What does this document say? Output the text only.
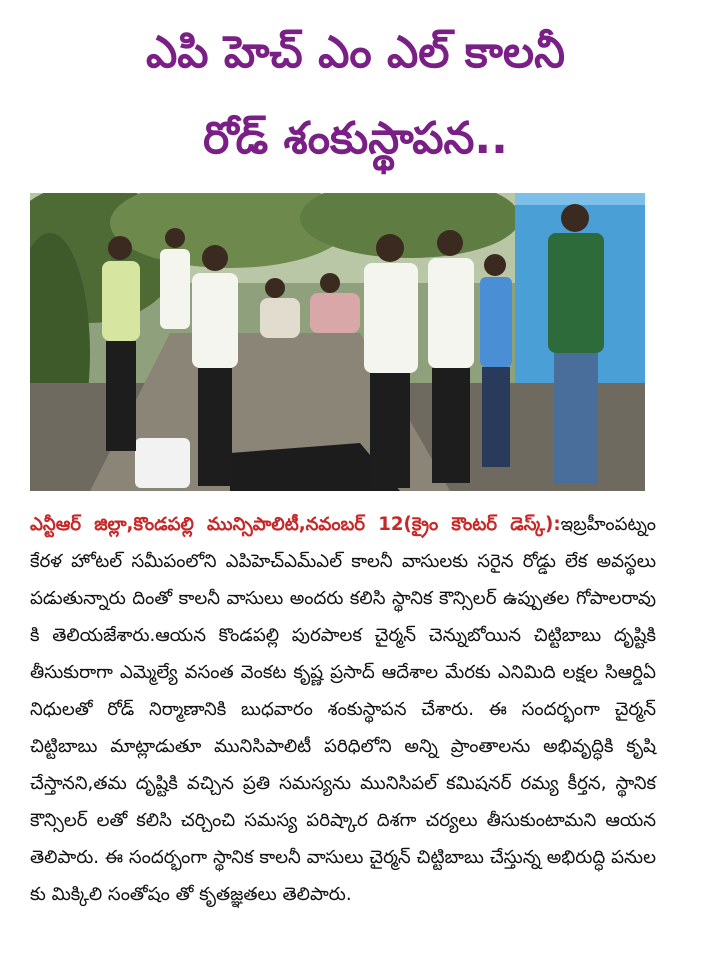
ఎపి హెచ్ ఎం ఎల్ కాలనీ
రోడ్ శంకుస్థాపన..
ఎన్టీఆర్ జిల్లా,కొండపల్లి మున్సిపాలిటీ,నవంబర్ 12(క్రైం కౌంటర్ డెస్క్):ఇబ్రహీంపట్నం కేరళ హోటల్ సమీపంలోని ఎపిహెచ్ఎమ్ఎల్ కాలనీ వాసులకు సరైన రోడ్డు లేక అవస్థలు పడుతున్నారు దింతో కాలనీ వాసులు అందరు కలిసి స్థానిక కౌన్సిలర్ ఉప్పుతల గోపాలరావు కి తెలియజేశారు.ఆయన కొండపల్లి పురపాలక చైర్మన్ చెన్నుబోయిన చిట్టిబాబు దృష్టికి తీసుకురాగా ఎమ్మెల్యే వసంత వెంకట కృష్ణ ప్రసాద్ ఆదేశాల మేరకు ఎనిమిది లక్షల సిఆర్డిఏ నిధులతో రోడ్ నిర్మాణానికి బుధవారం శంకుస్థాపన చేశారు. ఈ సందర్భంగా చైర్మన్ చిట్టిబాబు మాట్లాడుతూ మునిసిపాలిటీ పరిధిలోని అన్ని ప్రాంతాలను అభివృద్ధికి కృషి చేస్తానని,తమ దృష్టికి వచ్చిన ప్రతి సమస్యను మునిసిపల్ కమిషనర్ రమ్య కీర్తన, స్థానిక కౌన్సిలర్ లతో కలిసి చర్చించి సమస్య పరిష్కార దిశగా చర్యలు తీసుకుంటామని ఆయన తెలిపారు. ఈ సందర్భంగా స్థానిక కాలనీ వాసులు చైర్మన్ చిట్టిబాబు చేస్తున్న అభిరుద్ధి పనుల కు మిక్కిలి సంతోషం తో కృతజ్ఞతలు తెలిపారు.
